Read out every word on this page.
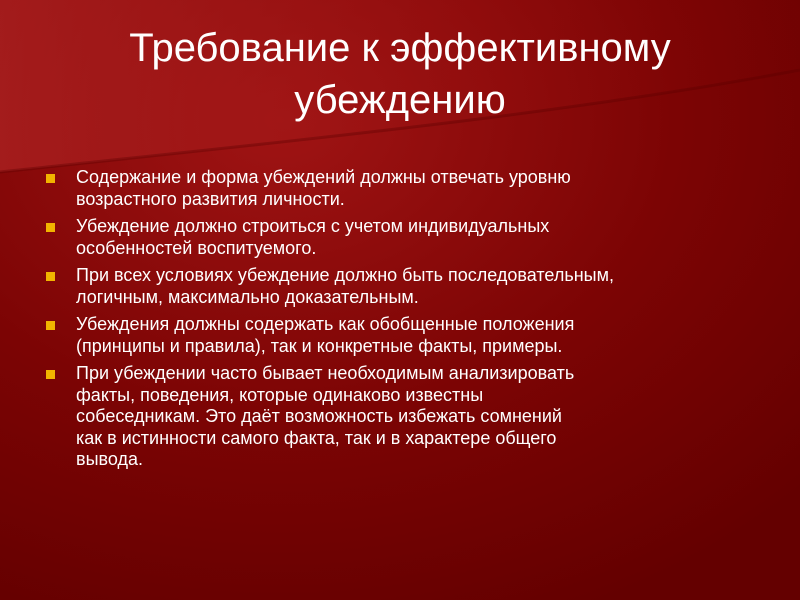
Требование к эффективному
убеждению
Содержание и форма убеждений должны отвечать уровню
возрастного развития личности.
Убеждение должно строиться с учетом индивидуальных
особенностей воспитуемого.
При всех условиях убеждение должно быть последовательным,
логичным, максимально доказательным.
Убеждения должны содержать как обобщенные положения
(принципы и правила), так и конкретные факты, примеры.
При убеждении часто бывает необходимым анализировать
факты, поведения, которые одинаково известны
собеседникам. Это даёт возможность избежать сомнений
как в истинности самого факта, так и в характере общего
вывода.
